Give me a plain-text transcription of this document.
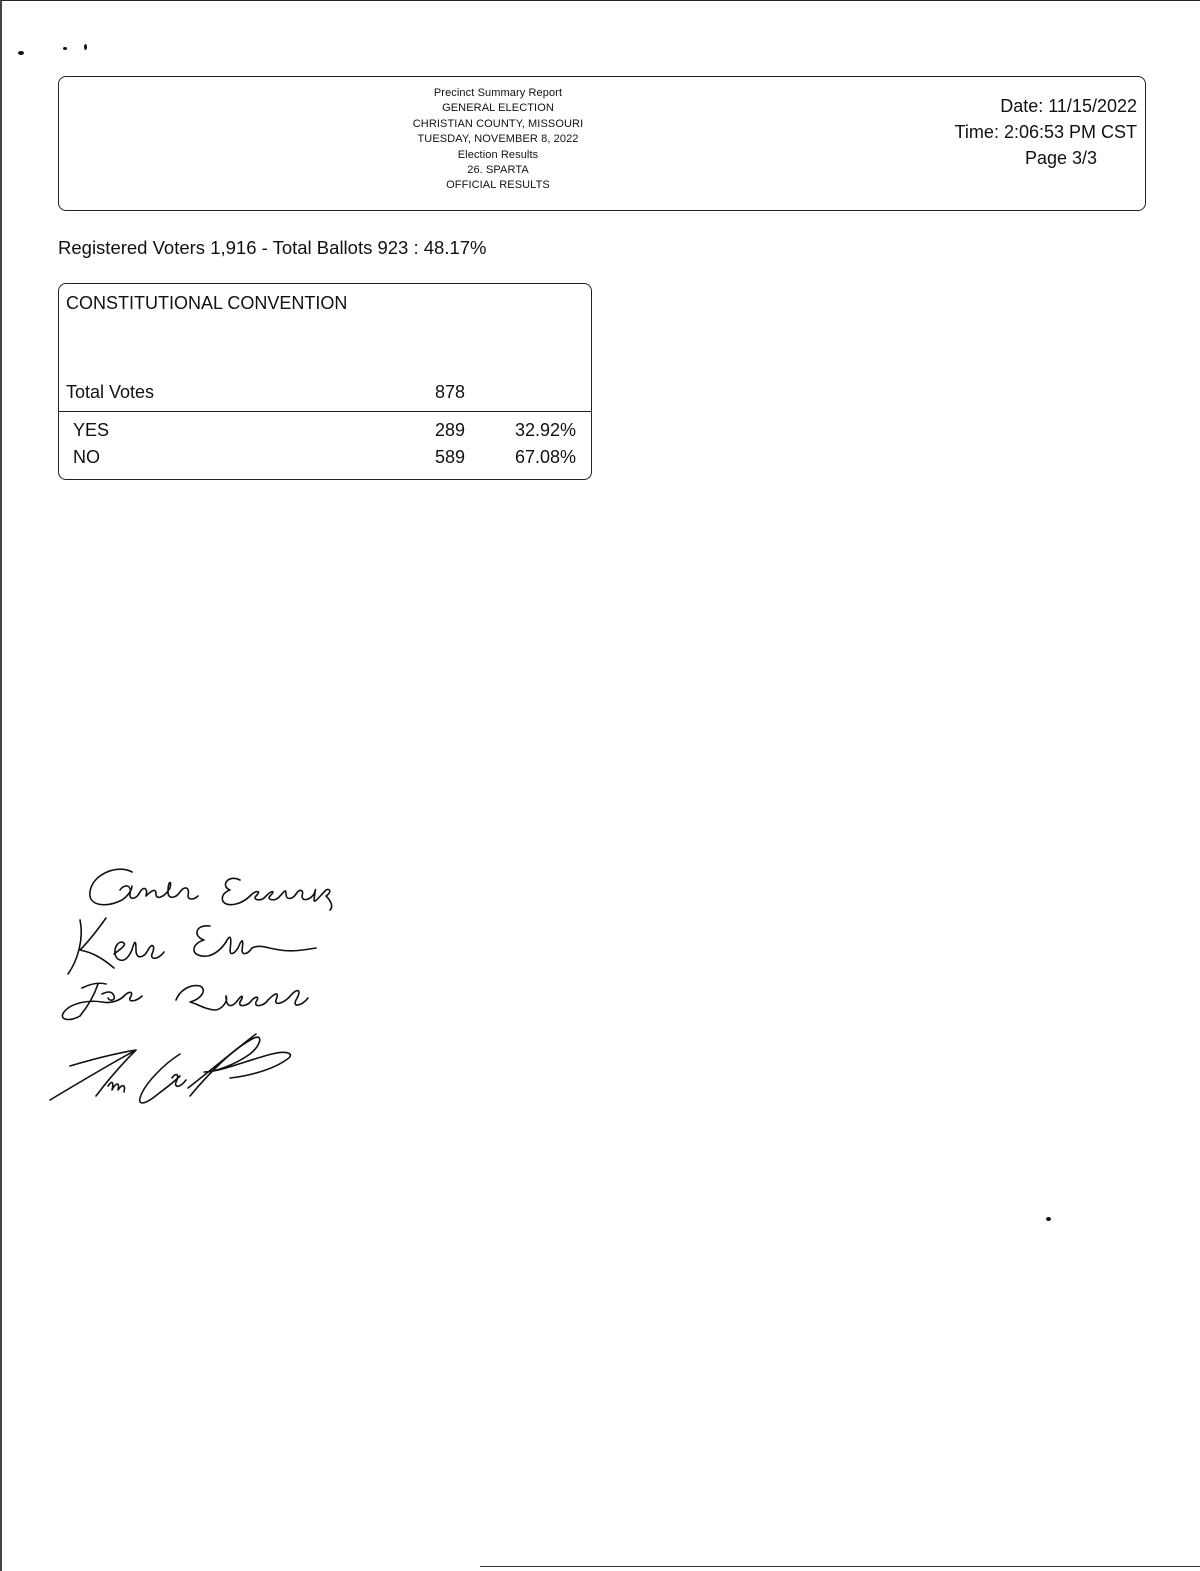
Precinct Summary Report
GENERAL ELECTION
CHRISTIAN COUNTY, MISSOURI
TUESDAY, NOVEMBER 8, 2022
Election Results
26. SPARTA
OFFICIAL RESULTS
Date: 11/15/2022
Time: 2:06:53 PM CST
Page 3/3
Registered Voters 1,916 - Total Ballots 923 : 48.17%
CONSTITUTIONAL CONVENTION
Total Votes	878
YES	289	32.92%
NO	589	67.08%
